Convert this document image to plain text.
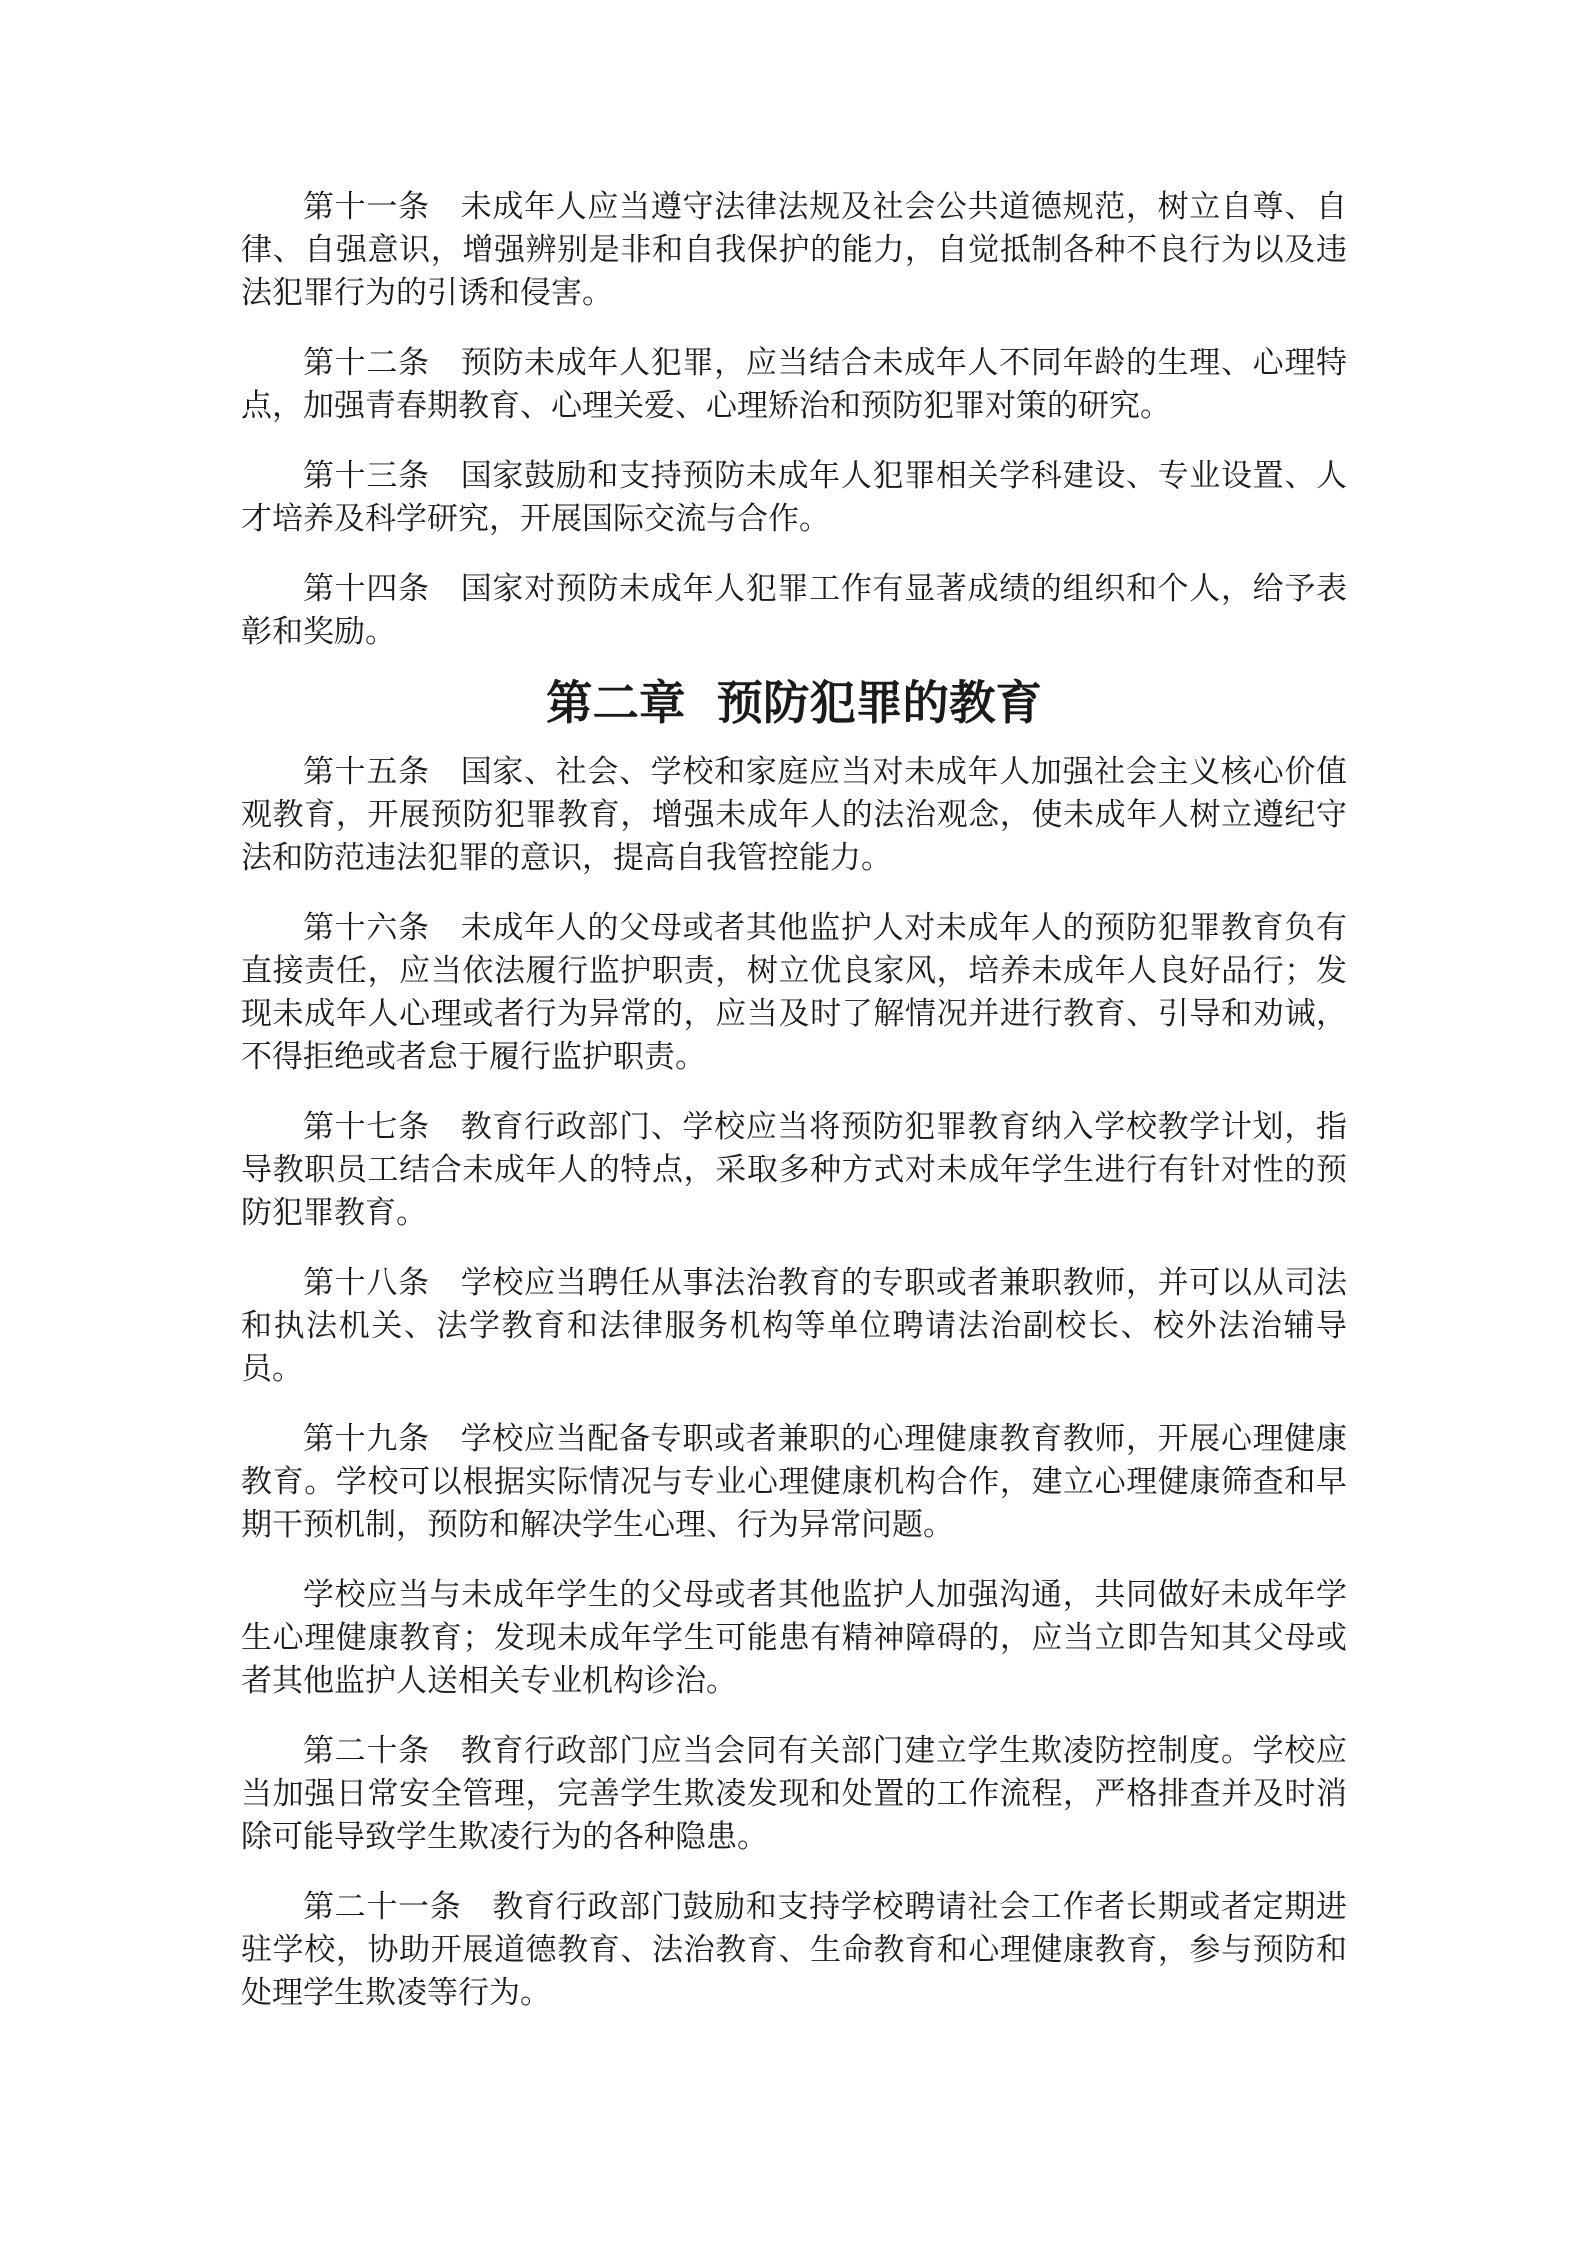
第十一条 未成年人应当遵守法律法规及社会公共道德规范，树立自尊、自律、自强意识，增强辨别是非和自我保护的能力，自觉抵制各种不良行为以及违法犯罪行为的引诱和侵害。

第十二条 预防未成年人犯罪，应当结合未成年人不同年龄的生理、心理特点，加强青春期教育、心理关爱、心理矫治和预防犯罪对策的研究。

第十三条 国家鼓励和支持预防未成年人犯罪相关学科建设、专业设置、人才培养及科学研究，开展国际交流与合作。

第十四条 国家对预防未成年人犯罪工作有显著成绩的组织和个人，给予表彰和奖励。

第二章 预防犯罪的教育

第十五条 国家、社会、学校和家庭应当对未成年人加强社会主义核心价值观教育，开展预防犯罪教育，增强未成年人的法治观念，使未成年人树立遵纪守法和防范违法犯罪的意识，提高自我管控能力。

第十六条 未成年人的父母或者其他监护人对未成年人的预防犯罪教育负有直接责任，应当依法履行监护职责，树立优良家风，培养未成年人良好品行；发现未成年人心理或者行为异常的，应当及时了解情况并进行教育、引导和劝诫，不得拒绝或者怠于履行监护职责。

第十七条 教育行政部门、学校应当将预防犯罪教育纳入学校教学计划，指导教职员工结合未成年人的特点，采取多种方式对未成年学生进行有针对性的预防犯罪教育。

第十八条 学校应当聘任从事法治教育的专职或者兼职教师，并可以从司法和执法机关、法学教育和法律服务机构等单位聘请法治副校长、校外法治辅导员。

第十九条 学校应当配备专职或者兼职的心理健康教育教师，开展心理健康教育。学校可以根据实际情况与专业心理健康机构合作，建立心理健康筛查和早期干预机制，预防和解决学生心理、行为异常问题。

学校应当与未成年学生的父母或者其他监护人加强沟通，共同做好未成年学生心理健康教育；发现未成年学生可能患有精神障碍的，应当立即告知其父母或者其他监护人送相关专业机构诊治。

第二十条 教育行政部门应当会同有关部门建立学生欺凌防控制度。学校应当加强日常安全管理，完善学生欺凌发现和处置的工作流程，严格排查并及时消除可能导致学生欺凌行为的各种隐患。

第二十一条 教育行政部门鼓励和支持学校聘请社会工作者长期或者定期进驻学校，协助开展道德教育、法治教育、生命教育和心理健康教育，参与预防和处理学生欺凌等行为。
